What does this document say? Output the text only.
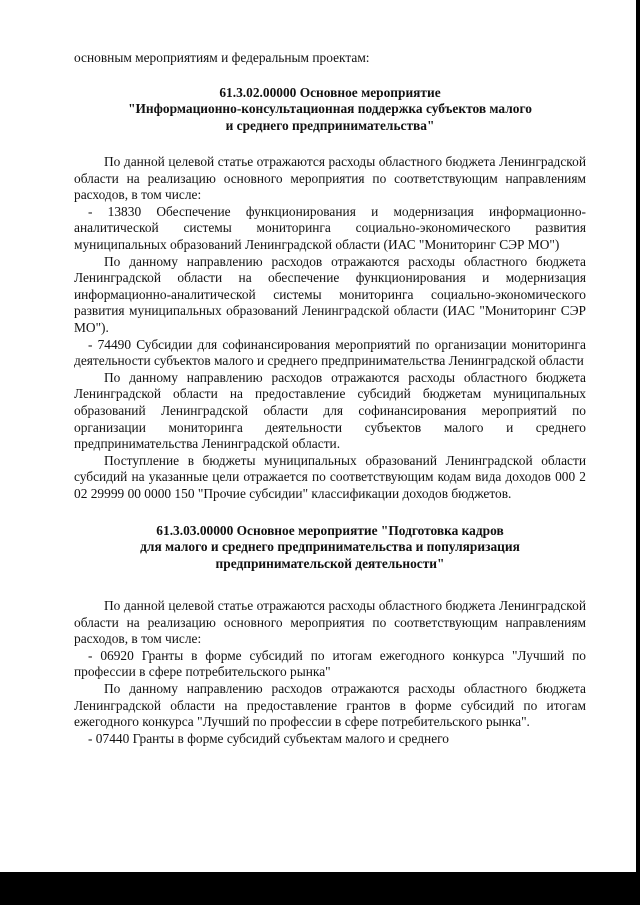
основным мероприятиям и федеральным проектам:

61.3.02.00000 Основное мероприятие
"Информационно-консультационная поддержка субъектов малого
и среднего предпринимательства"

По данной целевой статье отражаются расходы областного бюджета Ленинградской области на реализацию основного мероприятия по соответствующим направлениям расходов, в том числе:

- 13830 Обеспечение функционирования и модернизация информационно-аналитической системы мониторинга социально-экономического развития муниципальных образований Ленинградской области (ИАС "Мониторинг СЭР МО")

По данному направлению расходов отражаются расходы областного бюджета Ленинградской области на обеспечение функционирования и модернизация информационно-аналитической системы мониторинга социально-экономического развития муниципальных образований Ленинградской области (ИАС "Мониторинг СЭР МО").

- 74490 Субсидии для софинансирования мероприятий по организации мониторинга деятельности субъектов малого и среднего предпринимательства Ленинградской области

По данному направлению расходов отражаются расходы областного бюджета Ленинградской области на предоставление субсидий бюджетам муниципальных образований Ленинградской области для софинансирования мероприятий по организации мониторинга деятельности субъектов малого и среднего предпринимательства Ленинградской области.

Поступление в бюджеты муниципальных образований Ленинградской области субсидий на указанные цели отражается по соответствующим кодам вида доходов 000 2 02 29999 00 0000 150 "Прочие субсидии" классификации доходов бюджетов.

61.3.03.00000 Основное мероприятие "Подготовка кадров
для малого и среднего предпринимательства и популяризация
предпринимательской деятельности"

По данной целевой статье отражаются расходы областного бюджета Ленинградской области на реализацию основного мероприятия по соответствующим направлениям расходов, в том числе:

- 06920 Гранты в форме субсидий по итогам ежегодного конкурса "Лучший по профессии в сфере потребительского рынка"

По данному направлению расходов отражаются расходы областного бюджета Ленинградской области на предоставление грантов в форме субсидий по итогам ежегодного конкурса "Лучший по профессии в сфере потребительского рынка".

- 07440 Гранты в форме субсидий субъектам малого и среднего
